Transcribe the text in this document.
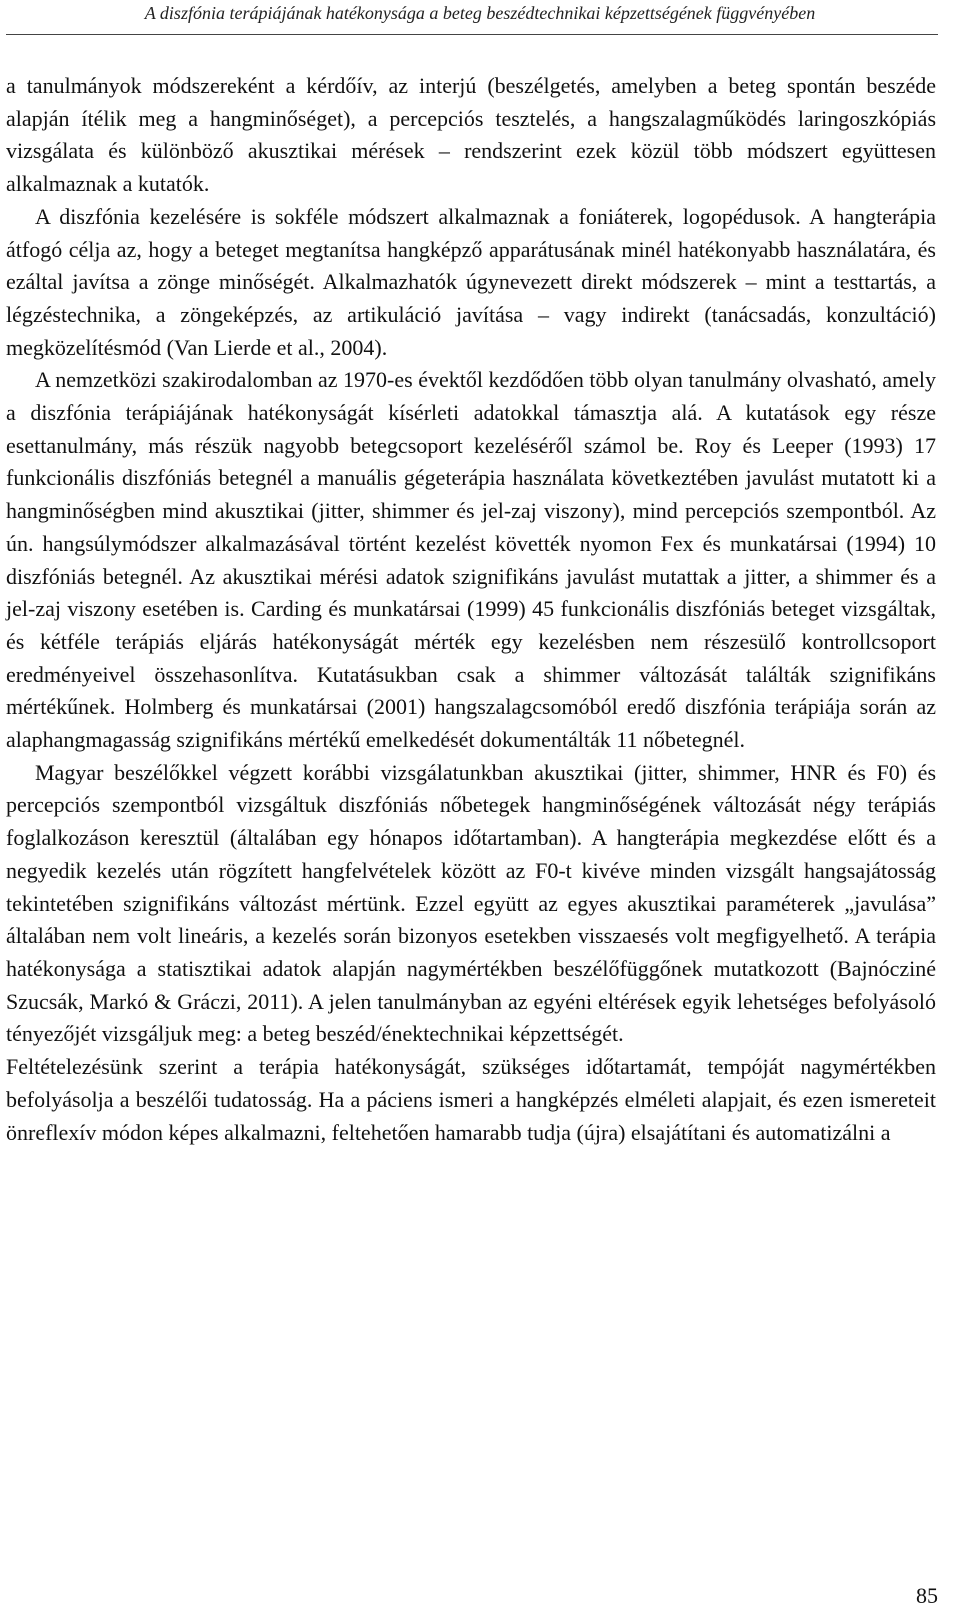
A diszfónia terápiájának hatékonysága a beteg beszédtechnikai képzettségének függvényében

a tanulmányok módszereként a kérdőív, az interjú (beszélgetés, amelyben a beteg spontán beszéde alapján ítélik meg a hangminőséget), a percepciós tesztelés, a hangszalagműködés laringoszkópiás vizsgálata és különböző akusztikai mérések – rendszerint ezek közül több módszert együttesen alkalmaznak a kutatók.

A diszfónia kezelésére is sokféle módszert alkalmaznak a foniáterek, logopédusok. A hangterápia átfogó célja az, hogy a beteget megtanítsa hangképző apparátusának minél hatékonyabb használatára, és ezáltal javítsa a zönge minőségét. Alkalmazhatók úgynevezett direkt módszerek – mint a testtartás, a légzéstechnika, a zöngeképzés, az artikuláció javítása – vagy indirekt (tanácsadás, konzultáció) megközelítésmód (Van Lierde et al., 2004).

A nemzetközi szakirodalomban az 1970-es évektől kezdődően több olyan tanulmány olvasható, amely a diszfónia terápiájának hatékonyságát kísérleti adatokkal támasztja alá. A kutatások egy része esettanulmány, más részük nagyobb betegcsoport kezeléséről számol be. Roy és Leeper (1993) 17 funkcionális diszfóniás betegnél a manuális gégeterápia használata következtében javulást mutatott ki a hangminőségben mind akusztikai (jitter, shimmer és jel-zaj viszony), mind percepciós szempontból. Az ún. hangsúlymódszer alkalmazásával történt kezelést követték nyomon Fex és munkatársai (1994) 10 diszfóniás betegnél. Az akusztikai mérési adatok szignifikáns javulást mutattak a jitter, a shimmer és a jel-zaj viszony esetében is. Carding és munkatársai (1999) 45 funkcionális diszfóniás beteget vizsgáltak, és kétféle terápiás eljárás hatékonyságát mérték egy kezelésben nem részesülő kontrollcsoport eredményeivel összehasonlítva. Kutatásukban csak a shimmer változását találták szignifikáns mértékűnek. Holmberg és munkatársai (2001) hangszalagcsomóból eredő diszfónia terápiája során az alaphangmagasság szignifikáns mértékű emelkedését dokumentálták 11 nőbetegnél.

Magyar beszélőkkel végzett korábbi vizsgálatunkban akusztikai (jitter, shimmer, HNR és F0) és percepciós szempontból vizsgáltuk diszfóniás nőbetegek hangminőségének változását négy terápiás foglalkozáson keresztül (általában egy hónapos időtartamban). A hangterápia megkezdése előtt és a negyedik kezelés után rögzített hangfelvételek között az F0-t kivéve minden vizsgált hangsajátosság tekintetében szignifikáns változást mértünk. Ezzel együtt az egyes akusztikai paraméterek „javulása” általában nem volt lineáris, a kezelés során bizonyos esetekben visszaesés volt megfigyelhető. A terápia hatékonysága a statisztikai adatok alapján nagymértékben beszélőfüggőnek mutatkozott (Bajnócziné Szucsák, Markó & Gráczi, 2011). A jelen tanulmányban az egyéni eltérések egyik lehetséges befolyásoló tényezőjét vizsgáljuk meg: a beteg beszéd/énektechnikai képzettségét.

Feltételezésünk szerint a terápia hatékonyságát, szükséges időtartamát, tempóját nagymértékben befolyásolja a beszélői tudatosság. Ha a páciens ismeri a hangképzés elméleti alapjait, és ezen ismereteit önreflexív módon képes alkalmazni, feltehetően hamarabb tudja (újra) elsajátítani és automatizálni a

85
